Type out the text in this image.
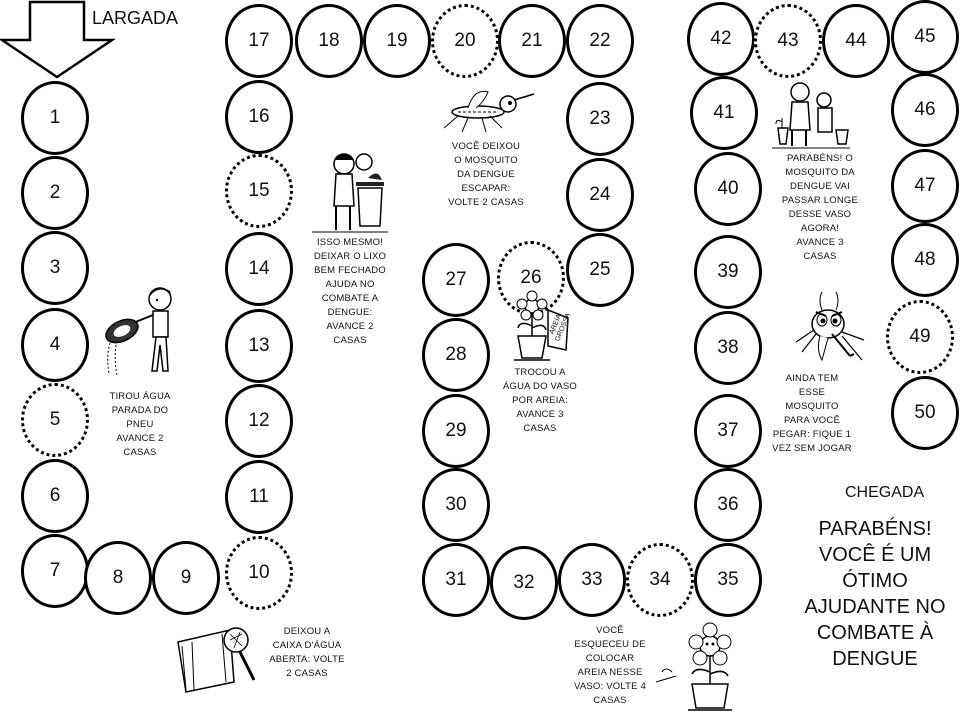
LARGADA
1
2
3
4
5
6
7	8	9	10
11
12
13
14
15
16
17	18	19	20	21	22
23
24
25
26
27
28
29
30
31	32	33	34	35
36
37
38
39
40
41
42	43	44	45
46
47
48
49
50
TIROU ÁGUA
PARADA DO
PNEU
AVANCE 2
CASAS
DEIXOU A
CAIXA D'ÁGUA
ABERTA: VOLTE
2 CASAS
ISSO MESMO!
DEIXAR O LIXO
BEM FECHADO
AJUDA NO
COMBATE A
DENGUE:
AVANCE 2
CASAS
VOCÊ DEIXOU
O MOSQUITO
DA DENGUE
ESCAPAR:
VOLTE 2 CASAS
AREIA GROSSA
TROCOU A
ÁGUA DO VASO
POR AREIA:
AVANCE 3
CASAS
VOCÊ
ESQUECEU DE
COLOCAR
AREIA NESSE
VASO: VOLTE 4
CASAS
PARABÉNS! O
MOSQUITO DA
DENGUE VAI
PASSAR LONGE
DESSE VASO
AGORA!
AVANCE 3
CASAS
AINDA TEM
ESSE
MOSQUITO
PARA VOCÊ
PEGAR: FIQUE 1
VEZ SEM JOGAR
CHEGADA
PARABÉNS!
VOCÊ É UM
ÓTIMO
AJUDANTE NO
COMBATE À
DENGUE
